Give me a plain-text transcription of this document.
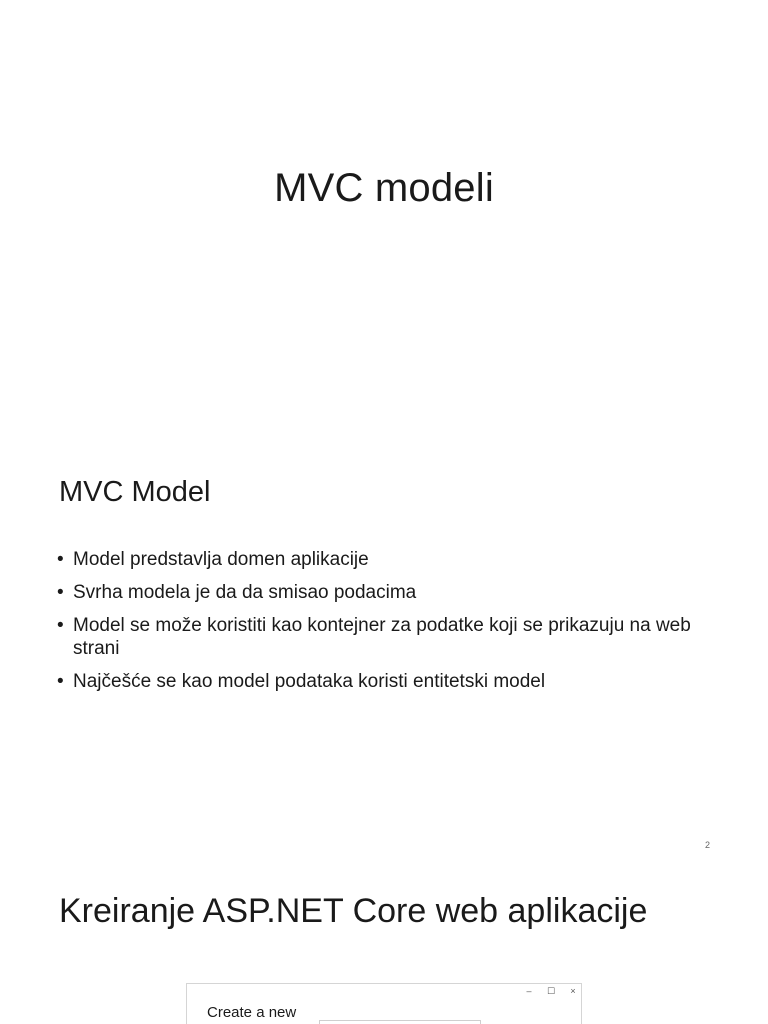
MVC modeli
MVC Model
• Model predstavlja domen aplikacije
• Svrha modela je da da smisao podacima
• Model se može koristiti kao kontejner za podatke koji se prikazuju na web strani
• Najčešće se kao model podataka koristi entitetski model
2
Kreiranje ASP.NET Core web aplikacije
– ☐ ×
Create a new
